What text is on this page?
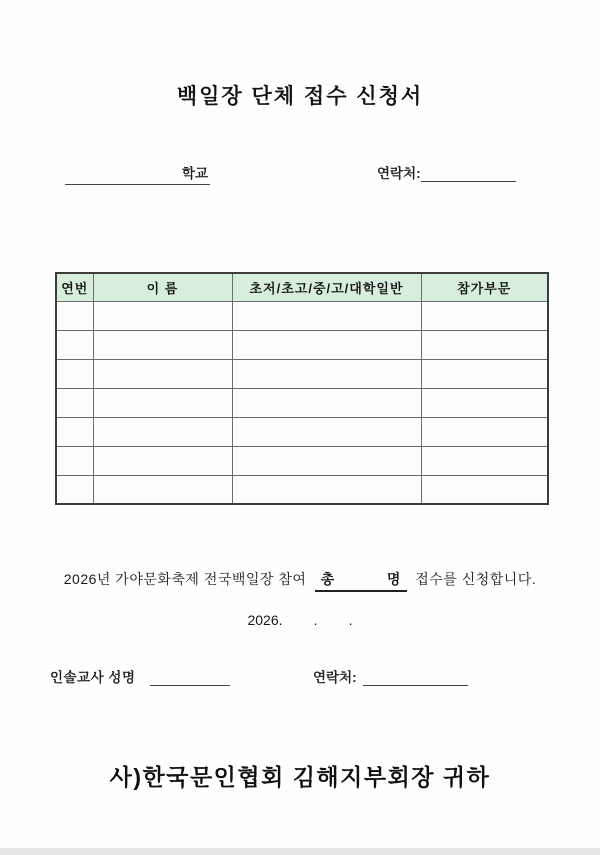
백일장 단체 접수 신청서
학교	연락처:
연번	이 름	초저/초고/중/고/대학일반	참가부문

2026년 가야문화축제 전국백일장 참여 총	명 접수를 신청합니다.
2026.        .        .
인솔교사 성명	연락처:
사)한국문인협회 김해지부회장 귀하
